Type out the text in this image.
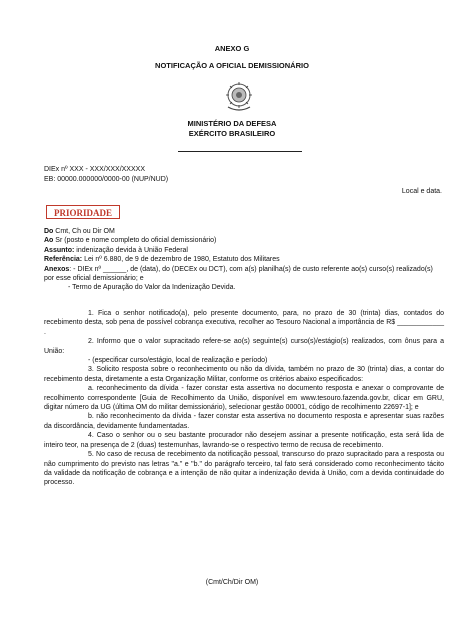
ANEXO G
NOTIFICAÇÃO A OFICIAL DEMISSIONÁRIO
MINISTÉRIO DA DEFESA
EXÉRCITO BRASILEIRO
DIEx nº XXX - XXX/XXX/XXXXX
EB: 00000.000000/0000-00 (NUP/NUD)
Local e data.
PRIORIDADE
Do Cmt, Ch ou Dir OM
Ao Sr (posto e nome completo do oficial demissionário)
Assunto: indenização devida à União Federal
Referência: Lei nº 6.880, de 9 de dezembro de 1980, Estatuto dos Militares
Anexos: - DIEx nº ______, de (data), do (DECEx ou DCT), com a(s) planilha(s) de custo referente ao(s) curso(s) realizado(s) por esse oficial demissionário; e
- Termo de Apuração do Valor da Indenização Devida.

1. Fica o senhor notificado(a), pelo presente documento, para, no prazo de 30 (trinta) dias, contados do recebimento desta, sob pena de possível cobrança executiva, recolher ao Tesouro Nacional a importância de R$ ____________ .

2. Informo que o valor supracitado refere-se ao(s) seguinte(s) curso(s)/estágio(s) realizados, com ônus para a União:

- (especificar curso/estágio, local de realização e período)

3. Solicito resposta sobre o reconhecimento ou não da dívida, também no prazo de 30 (trinta) dias, a contar do recebimento desta, diretamente a esta Organização Militar, conforme os critérios abaixo especificados:

a. reconhecimento da dívida - fazer constar esta assertiva no documento resposta e anexar o comprovante de recolhimento correspondente [Guia de Recolhimento da União, disponível em www.tesouro.fazenda.gov.br, clicar em GRU, digitar número da UG (última OM do militar demissionário), selecionar gestão 00001, código de recolhimento 22697-1]; e

b. não reconhecimento da dívida - fazer constar esta assertiva no documento resposta e apresentar suas razões da discordância, devidamente fundamentadas.

4. Caso o senhor ou o seu bastante procurador não desejem assinar a presente notificação, esta será lida de inteiro teor, na presença de 2 (duas) testemunhas, lavrando-se o respectivo termo de recusa de recebimento.

5. No caso de recusa de recebimento da notificação pessoal, transcurso do prazo supracitado para a resposta ou não cumprimento do previsto nas letras "a." e "b." do parágrafo terceiro, tal fato será considerado como reconhecimento tácito da validade da notificação de cobrança e a intenção de não quitar a indenização devida à União, com a devida continuidade do processo.

(Cmt/Ch/Dir OM)
